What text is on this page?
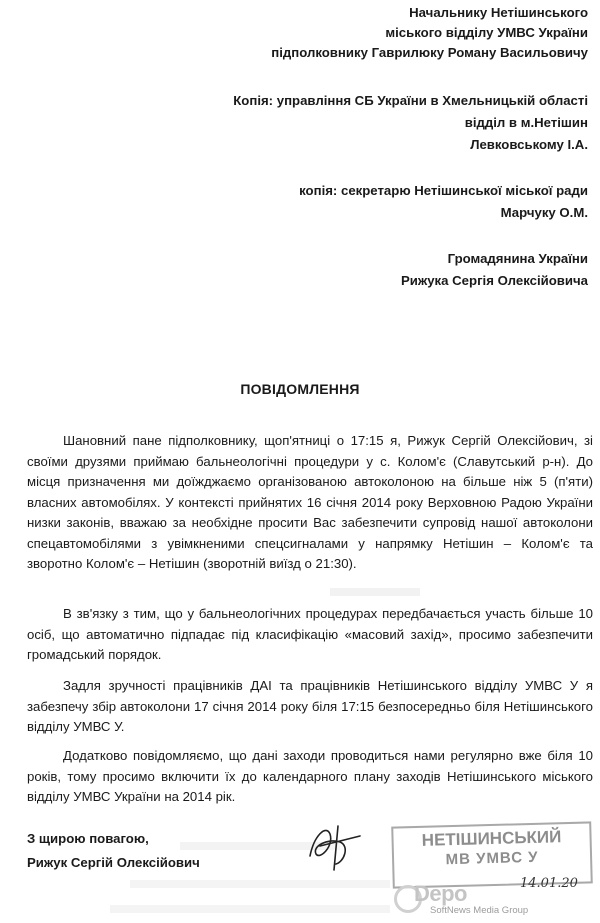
Начальнику Нетішинського
міського відділу УМВС України
підполковнику Гаврилюку Роману Васильовичу
Копія: управління СБ України в Хмельницькій області
відділ в м.Нетішин
Левковському І.А.
копія: секретарю Нетішинської міської ради
Марчуку О.М.
Громадянина України
Рижука Сергія Олексійовича
ПОВІДОМЛЕННЯ
Шановний пане підполковнику, щоп'ятниці о 17:15 я, Рижук Сергій Олексійович, зі своїми друзями приймаю бальнеологічні процедури у с. Колом'є (Славутський р-н). До місця призначення ми доїжджаємо організованою автоколоною на більше ніж 5 (п'яти) власних автомобілях. У контексті прийнятих 16 січня 2014 року Верховною Радою України низки законів, вважаю за необхідне просити Вас забезпечити супровід нашої автоколони спецавтомобілями з увімкненими спецсигналами у напрямку Нетішин – Колом'є та зворотно Колом'є – Нетішин (зворотній виїзд о 21:30).
В зв'язку з тим, що у бальнеологічних процедурах передбачається участь більше 10 осіб, що автоматично підпадає під класифікацію «масовий захід», просимо забезпечити громадський порядок.
Задля зручності працівників ДАІ та працівників Нетішинського відділу УМВС У я забезпечу збір автоколони 17 січня 2014 року біля 17:15 безпосередньо біля Нетішинського відділу УМВС У.
Додатково повідомляємо, що дані заходи проводиться нами регулярно вже біля 10 років, тому просимо включити їх до календарного плану заходів Нетішинського міського відділу УМВС України на 2014 рік.
З щирою повагою,
Рижук Сергій Олексійович
НЕТІШИНСЬКИЙ
МВ УМВС У
14.01.20
Depo
SoftNews Media Group
